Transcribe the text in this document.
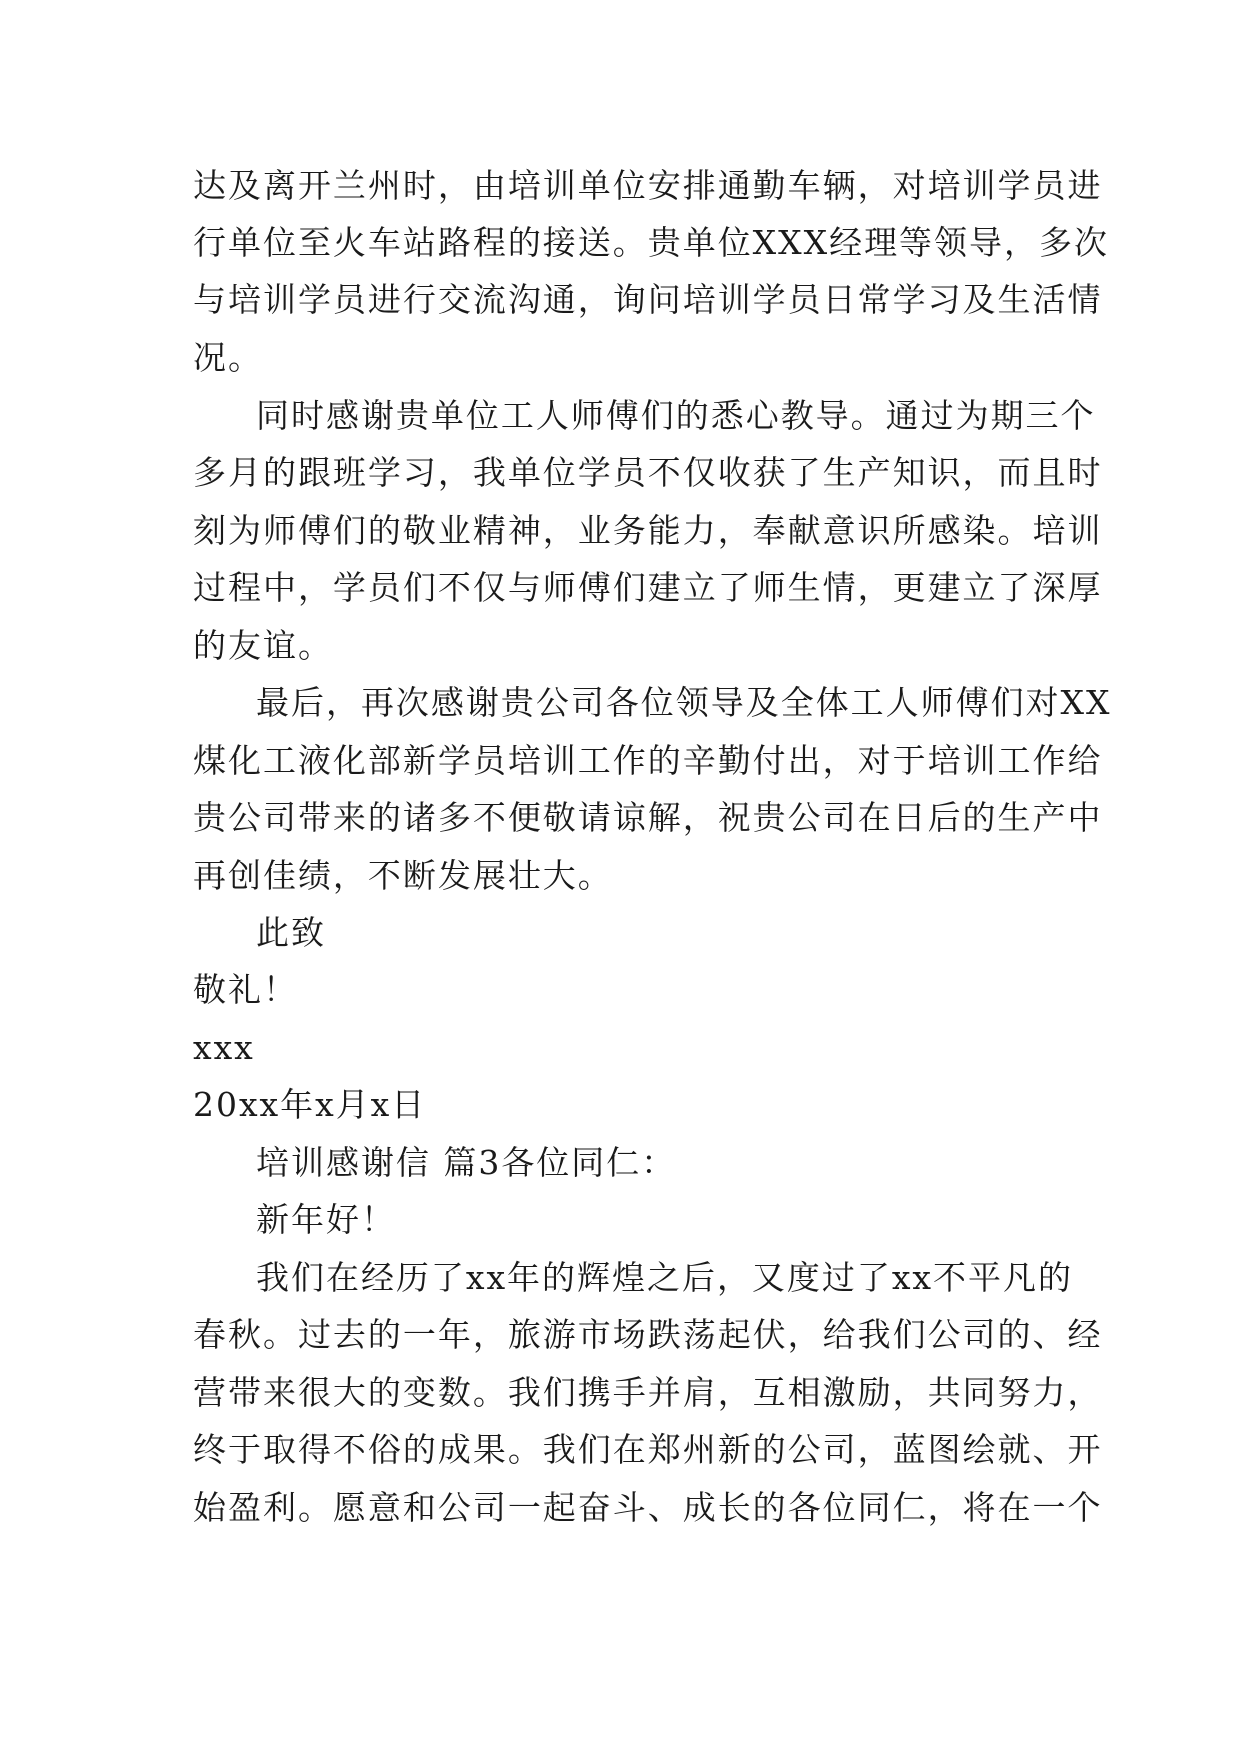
达及离开兰州时，由培训单位安排通勤车辆，对培训学员进
行单位至火车站路程的接送。贵单位XXX经理等领导，多次
与培训学员进行交流沟通，询问培训学员日常学习及生活情
况。
同时感谢贵单位工人师傅们的悉心教导。通过为期三个
多月的跟班学习，我单位学员不仅收获了生产知识，而且时
刻为师傅们的敬业精神，业务能力，奉献意识所感染。培训
过程中，学员们不仅与师傅们建立了师生情，更建立了深厚
的友谊。
最后，再次感谢贵公司各位领导及全体工人师傅们对XX
煤化工液化部新学员培训工作的辛勤付出，对于培训工作给
贵公司带来的诸多不便敬请谅解，祝贵公司在日后的生产中
再创佳绩，不断发展壮大。
此致
敬礼！
xxx
20xx年x月x日
培训感谢信 篇3各位同仁：
新年好！
我们在经历了xx年的辉煌之后，又度过了xx不平凡的
春秋。过去的一年，旅游市场跌荡起伏，给我们公司的、经
营带来很大的变数。我们携手并肩，互相激励，共同努力，
终于取得不俗的成果。我们在郑州新的公司，蓝图绘就、开
始盈利。愿意和公司一起奋斗、成长的各位同仁，将在一个
